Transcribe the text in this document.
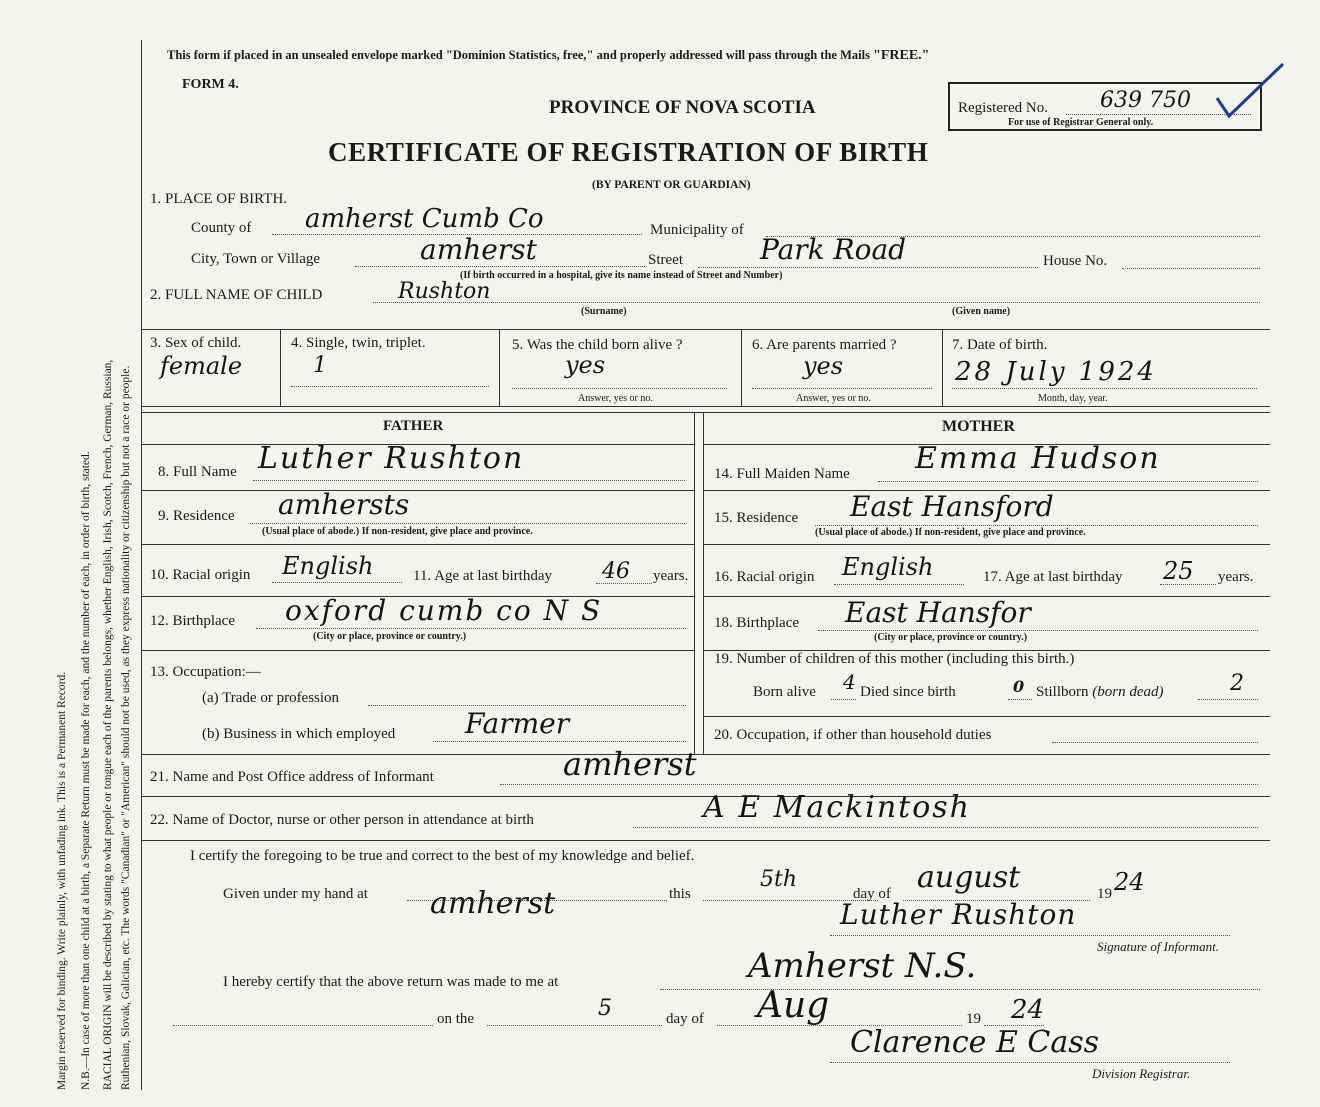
Margin reserved for binding. Write plainly, with unfading ink. This is a Permanent Record. N.B.—In case of more than one child at a birth, a Separate Return must be made for each, and the number of each, in order of birth, stated. RACIAL ORIGIN will be described by stating to what people or tongue each of the parents belongs, whether English, Irish, Scotch, French, German, Russian, Ruthenian, Slovak, Galician, etc. The words "Canadian" or "American" should not be used, as they express nationality or citizenship but not a race or people.
This form if placed in an unsealed envelope marked "Dominion Statistics, free," and properly addressed will pass through the Mails "FREE."
FORM 4.
PROVINCE OF NOVA SCOTIA
CERTIFICATE OF REGISTRATION OF BIRTH
(BY PARENT OR GUARDIAN)
Registered No. 639 750
For use of Registrar General only.
1. PLACE OF BIRTH.
County of amherst Cumb Co	Municipality of
City, Town or Village	amherst	Street	Park Road	House No.
(If birth occurred in a hospital, give its name instead of Street and Number)
2. FULL NAME OF CHILD	Rushton
(Surname)	(Given name)
3. Sex of child.
female
4. Single, twin, triplet.
1
5. Was the child born alive ?
yes
Answer, yes or no.
6. Are parents married ?
yes
Answer, yes or no.
7. Date of birth.
28 July 1924
Month, day, year.
FATHER	MOTHER
8. Full Name Luther Rushton
9. Residence amhersts
(Usual place of abode.) If non-resident, give place and province.
10. Racial origin English	11. Age at last birthday 46 years.
12. Birthplace oxford cumb co N S
(City or place, province or country.)
13. Occupation:—
(a) Trade or profession
(b) Business in which employed Farmer
14. Full Maiden Name Emma Hudson
15. Residence East Hansford
(Usual place of abode.) If non-resident, give place and province.
16. Racial origin English	17. Age at last birthday 25 years.
18. Birthplace East Hansfor
(City or place, province or country.)
19. Number of children of this mother (including this birth.)
Born alive 4 Died since birth	0 Stillborn (born dead)	2
20. Occupation, if other than household duties
21. Name and Post Office address of Informant	amherst
22. Name of Doctor, nurse or other person in attendance at birth	A E Mackintosh
I certify the foregoing to be true and correct to the best of my knowledge and belief.
Given under my hand at amherst	this
5th
day of august	19 24
Luther Rushton
Signature of Informant.
I hereby certify that the above return was made to me at	Amherst N.S.
on the	5	day of Aug	19 24
Clarence E Cass
Division Registrar.
